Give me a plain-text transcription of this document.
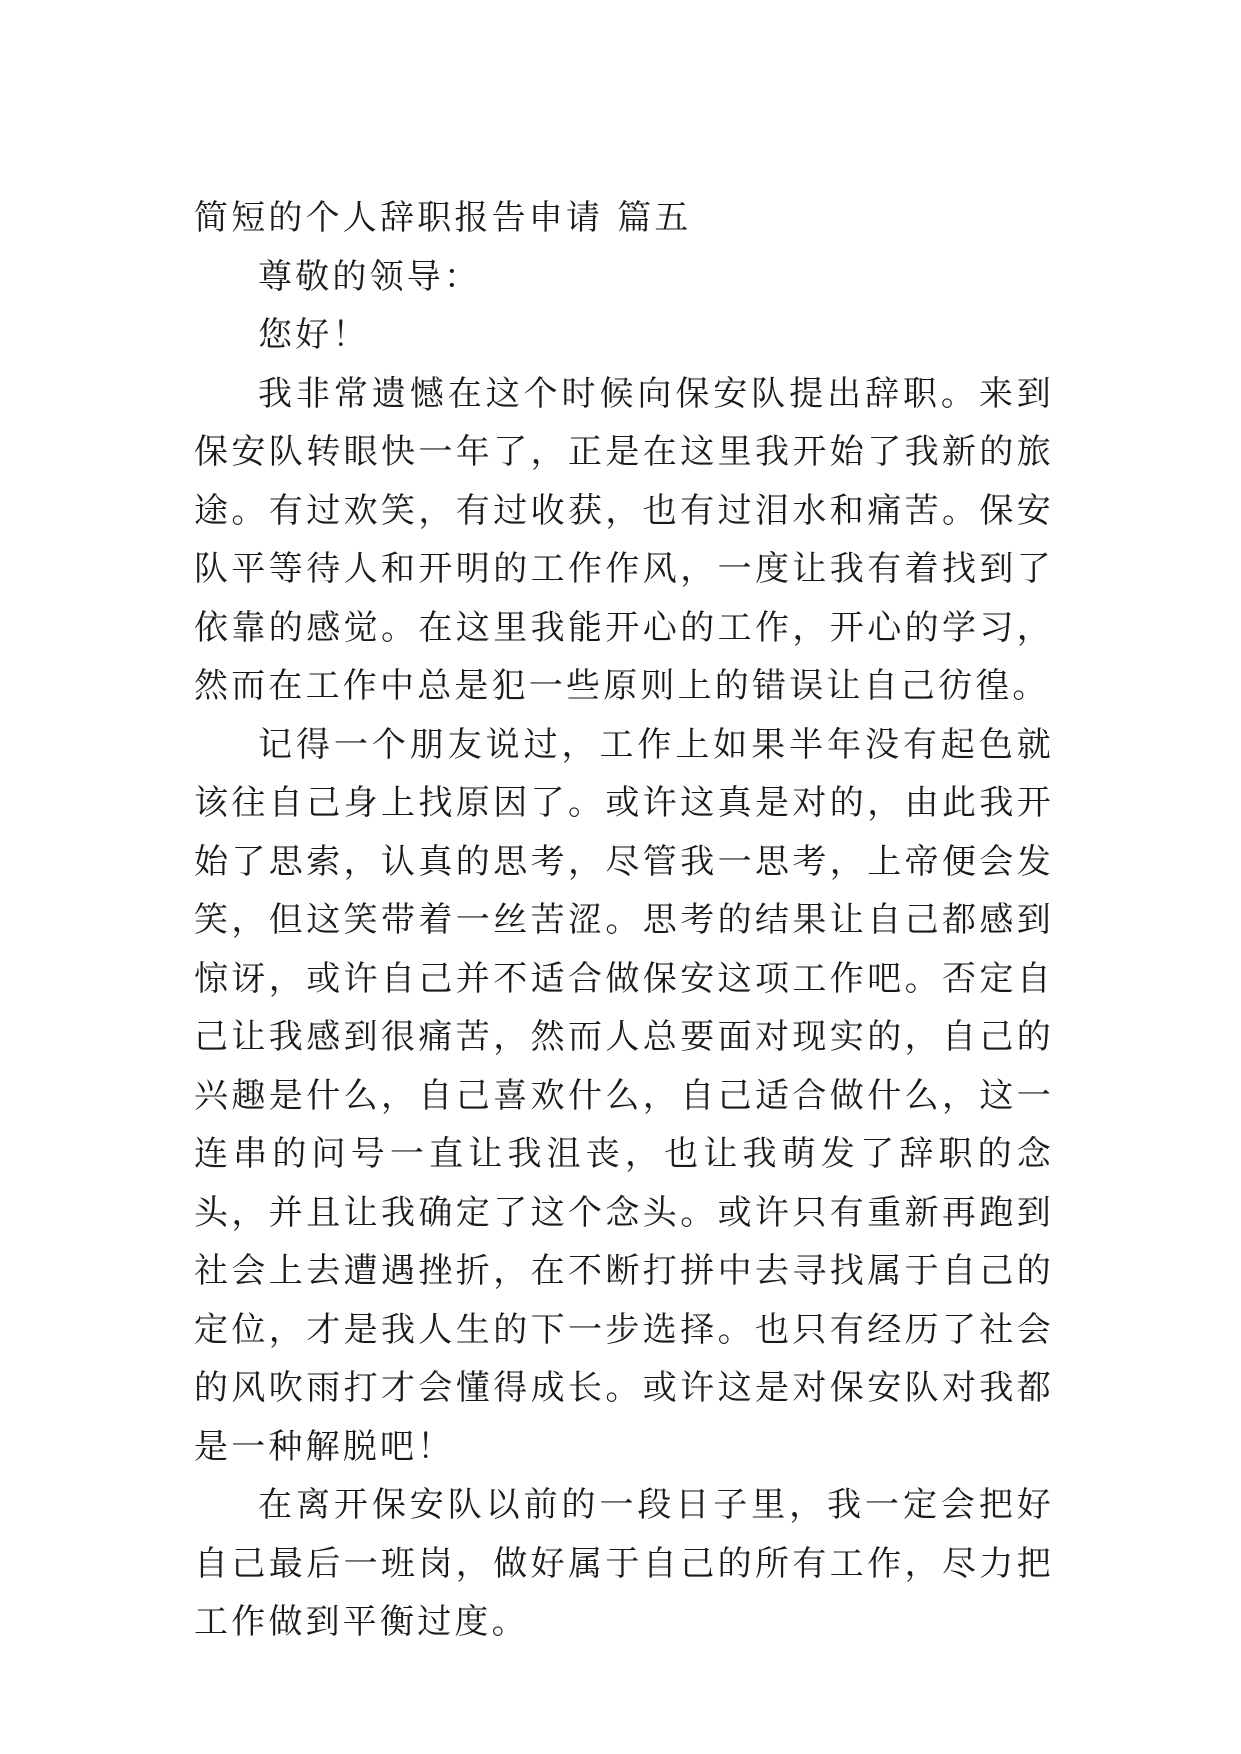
简短的个人辞职报告申请 篇五

尊敬的领导：

您好！

我非常遗憾在这个时候向保安队提出辞职。来到保安队转眼快一年了，正是在这里我开始了我新的旅途。有过欢笑，有过收获，也有过泪水和痛苦。保安队平等待人和开明的工作作风，一度让我有着找到了依靠的感觉。在这里我能开心的工作，开心的学习，然而在工作中总是犯一些原则上的错误让自己彷徨。

记得一个朋友说过，工作上如果半年没有起色就该往自己身上找原因了。或许这真是对的，由此我开始了思索，认真的思考，尽管我一思考，上帝便会发笑，但这笑带着一丝苦涩。思考的结果让自己都感到惊讶，或许自己并不适合做保安这项工作吧。否定自己让我感到很痛苦，然而人总要面对现实的，自己的兴趣是什么，自己喜欢什么，自己适合做什么，这一连串的问号一直让我沮丧，也让我萌发了辞职的念头，并且让我确定了这个念头。或许只有重新再跑到社会上去遭遇挫折，在不断打拼中去寻找属于自己的定位，才是我人生的下一步选择。也只有经历了社会的风吹雨打才会懂得成长。或许这是对保安队对我都是一种解脱吧！

在离开保安队以前的一段日子里，我一定会把好自己最后一班岗，做好属于自己的所有工作，尽力把工作做到平衡过度。
